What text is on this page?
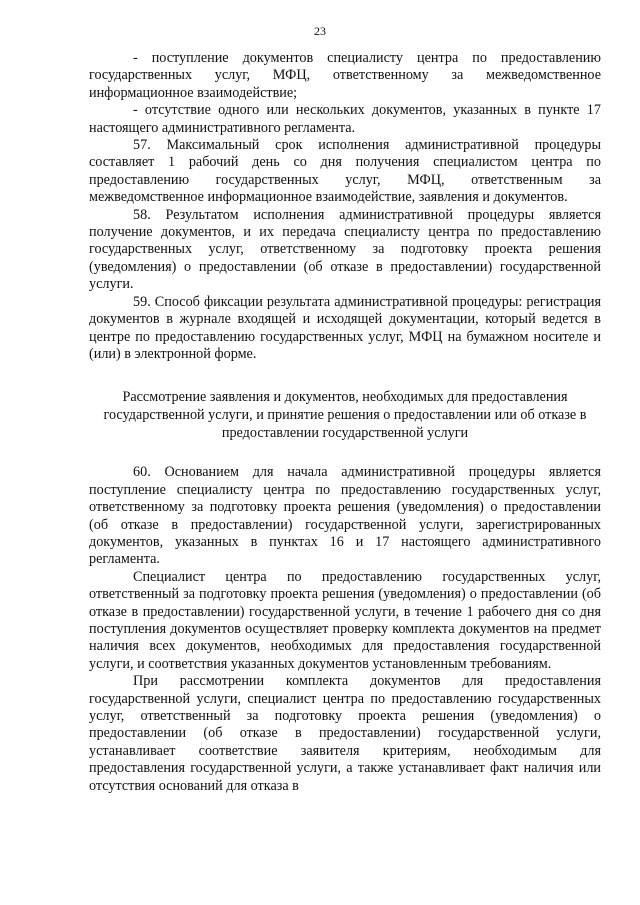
23

- поступление документов специалисту центра по предоставлению государственных услуг, МФЦ, ответственному за межведомственное информационное взаимодействие;

- отсутствие одного или нескольких документов, указанных в пункте 17 настоящего административного регламента.

57. Максимальный срок исполнения административной процедуры составляет 1 рабочий день со дня получения специалистом центра по предоставлению государственных услуг, МФЦ, ответственным за межведомственное информационное взаимодействие, заявления и документов.

58. Результатом исполнения административной процедуры является получение документов, и их передача специалисту центра по предоставлению государственных услуг, ответственному за подготовку проекта решения (уведомления) о предоставлении (об отказе в предоставлении) государственной услуги.

59. Способ фиксации результата административной процедуры: регистрация документов в журнале входящей и исходящей документации, который ведется в центре по предоставлению государственных услуг, МФЦ на бумажном носителе и (или) в электронной форме.

Рассмотрение заявления и документов, необходимых для предоставления государственной услуги, и принятие решения о предоставлении или об отказе в предоставлении государственной услуги

60. Основанием для начала административной процедуры является поступление специалисту центра по предоставлению государственных услуг, ответственному за подготовку проекта решения (уведомления) о предоставлении (об отказе в предоставлении) государственной услуги, зарегистрированных документов, указанных в пунктах 16 и 17 настоящего административного регламента.

Специалист центра по предоставлению государственных услуг, ответственный за подготовку проекта решения (уведомления) о предоставлении (об отказе в предоставлении) государственной услуги, в течение 1 рабочего дня со дня поступления документов осуществляет проверку комплекта документов на предмет наличия всех документов, необходимых для предоставления государственной услуги, и соответствия указанных документов установленным требованиям.

При рассмотрении комплекта документов для предоставления государственной услуги, специалист центра по предоставлению государственных услуг, ответственный за подготовку проекта решения (уведомления) о предоставлении (об отказе в предоставлении) государственной услуги, устанавливает соответствие заявителя критериям, необходимым для предоставления государственной услуги, а также устанавливает факт наличия или отсутствия оснований для отказа в
